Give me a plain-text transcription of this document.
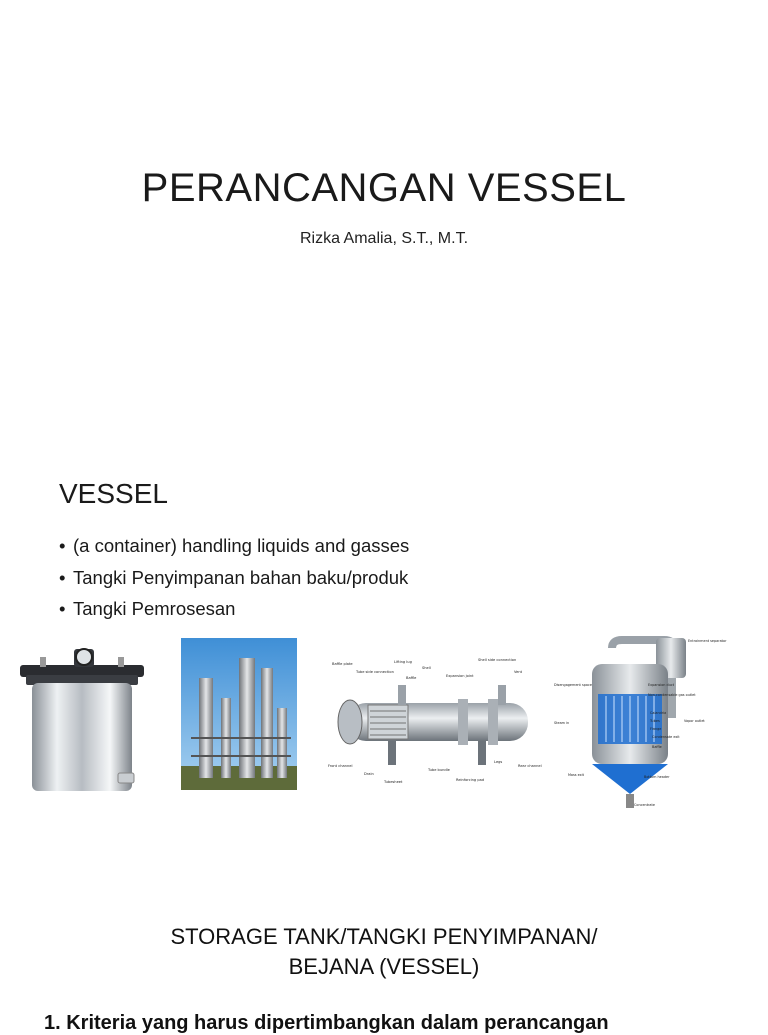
PERANCANGAN VESSEL
Rizka Amalia, S.T., M.T.
VESSEL
• (a container) handling liquids and gasses
• Tangki Penyimpanan bahan baku/produk
• Tangki Pemrosesan
Baffle plate
Tube side connection
Lifting lug
Shell
Baffle	Expansion joint
Shell side connection
Vent
Front channel
Drain
Tubesheet
Tube bundle
Legs
Reinforcing pad
Rear channel
Entrainment separator
Disengagement space	Expansion duct
Non-condensable gas outlet
Calandria
Tubes
Flange
Condensate exit
Steam in	Vapor outlet
Baffle
Bottom header
Mass exit
Concentrate
STORAGE TANK/TANGKI PENYIMPANAN/
BEJANA (VESSEL)
1. Kriteria yang harus dipertimbangkan dalam perancangan
